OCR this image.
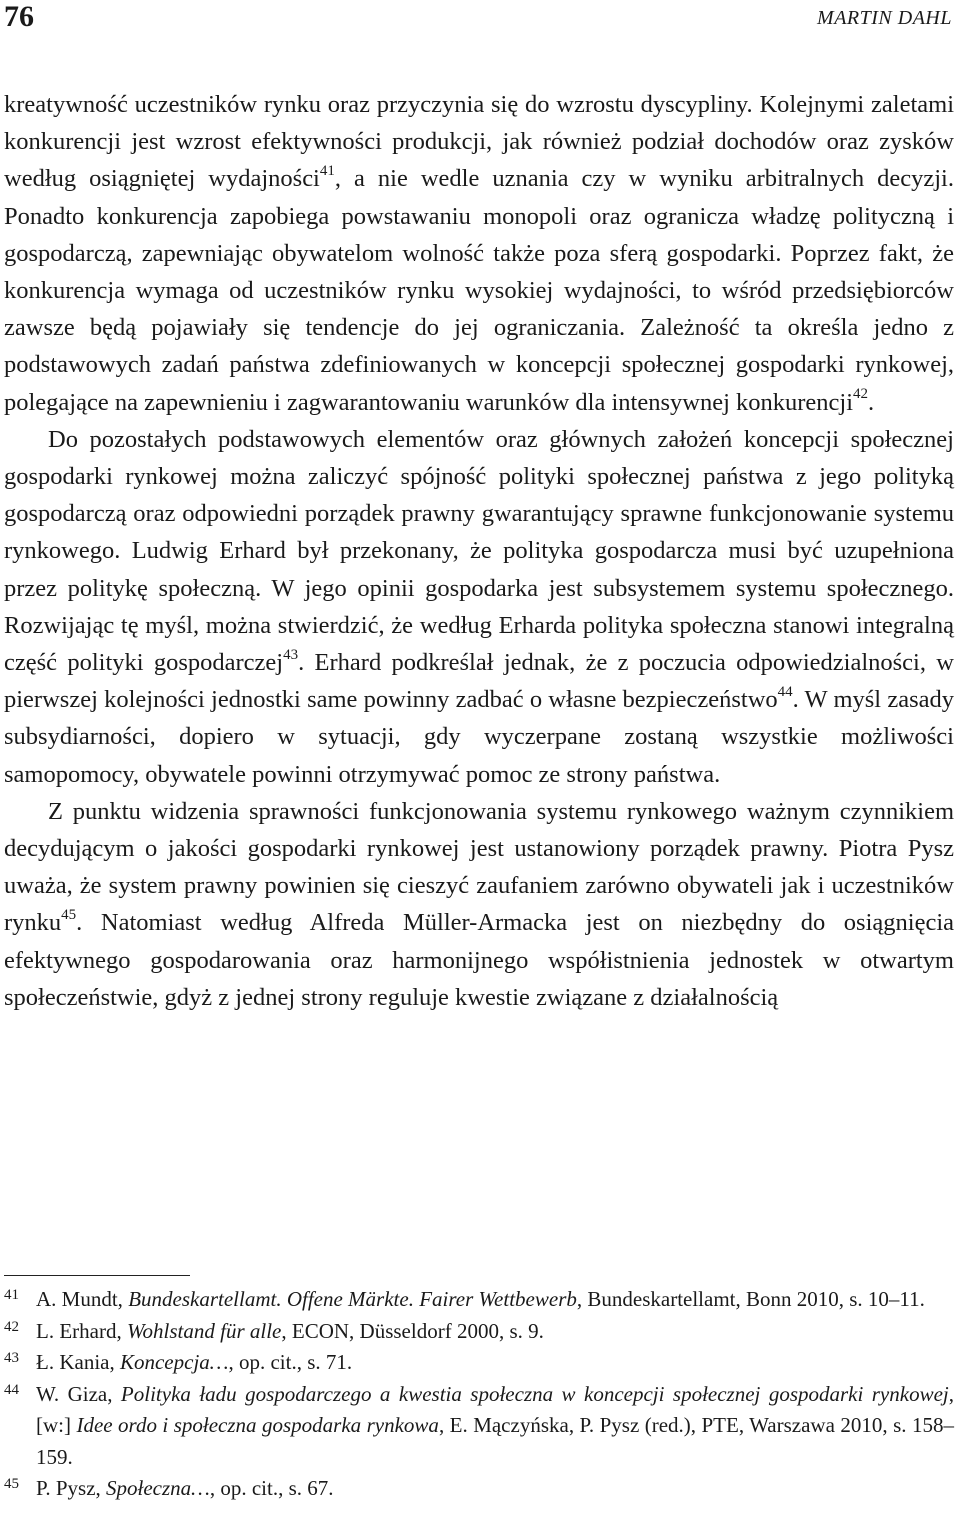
76	MARTIN DAHL

kreatywność uczestników rynku oraz przyczynia się do wzrostu dyscypliny. Kolejnymi zaletami konkurencji jest wzrost efektywności produkcji, jak również podział dochodów oraz zysków według osiągniętej wydajności$^{41}$, a nie wedle uznania czy w wyniku arbitralnych decyzji. Ponadto konkurencja zapobiega powstawaniu monopoli oraz ogranicza władzę polityczną i gospodarczą, zapewniając obywatelom wolność także poza sferą gospodarki. Poprzez fakt, że konkurencja wymaga od uczestników rynku wysokiej wydajności, to wśród przedsiębiorców zawsze będą pojawiały się tendencje do jej ograniczania. Zależność ta określa jedno z podstawowych zadań państwa zdefiniowanych w koncepcji społecznej gospodarki rynkowej, polegające na zapewnieniu i zagwarantowaniu warunków dla intensywnej konkurencji$^{42}$.

Do pozostałych podstawowych elementów oraz głównych założeń koncepcji społecznej gospodarki rynkowej można zaliczyć spójność polityki społecznej państwa z jego polityką gospodarczą oraz odpowiedni porządek prawny gwarantujący sprawne funkcjonowanie systemu rynkowego. Ludwig Erhard był przekonany, że polityka gospodarcza musi być uzupełniona przez politykę społeczną. W jego opinii gospodarka jest subsystemem systemu społecznego. Rozwijając tę myśl, można stwierdzić, że według Erharda polityka społeczna stanowi integralną część polityki gospodarczej$^{43}$. Erhard podkreślał jednak, że z poczucia odpowiedzialności, w pierwszej kolejności jednostki same powinny zadbać o własne bezpieczeństwo$^{44}$. W myśl zasady subsydiarności, dopiero w sytuacji, gdy wyczerpane zostaną wszystkie możliwości samopomocy, obywatele powinni otrzymywać pomoc ze strony państwa.

Z punktu widzenia sprawności funkcjonowania systemu rynkowego ważnym czynnikiem decydującym o jakości gospodarki rynkowej jest ustanowiony porządek prawny. Piotra Pysz uważa, że system prawny powinien się cieszyć zaufaniem zarówno obywateli jak i uczestników rynku$^{45}$. Natomiast według Alfreda Müller-Armacka jest on niezbędny do osiągnięcia efektywnego gospodarowania oraz harmonijnego współistnienia jednostek w otwartym społeczeństwie, gdyż z jednej strony reguluje kwestie związane z działalnością

41 A. Mundt, Bundeskartellamt. Offene Märkte. Fairer Wettbewerb, Bundeskartellamt, Bonn 2010, s. 10–11.
42 L. Erhard, Wohlstand für alle, ECON, Düsseldorf 2000, s. 9.
43 Ł. Kania, Koncepcja…, op. cit., s. 71.
44 W. Giza, Polityka ładu gospodarczego a kwestia społeczna w koncepcji społecznej gospodarki rynkowej, [w:] Idee ordo i społeczna gospodarka rynkowa, E. Mączyńska, P. Pysz (red.), PTE, Warszawa 2010, s. 158–159.
45 P. Pysz, Społeczna…, op. cit., s. 67.
